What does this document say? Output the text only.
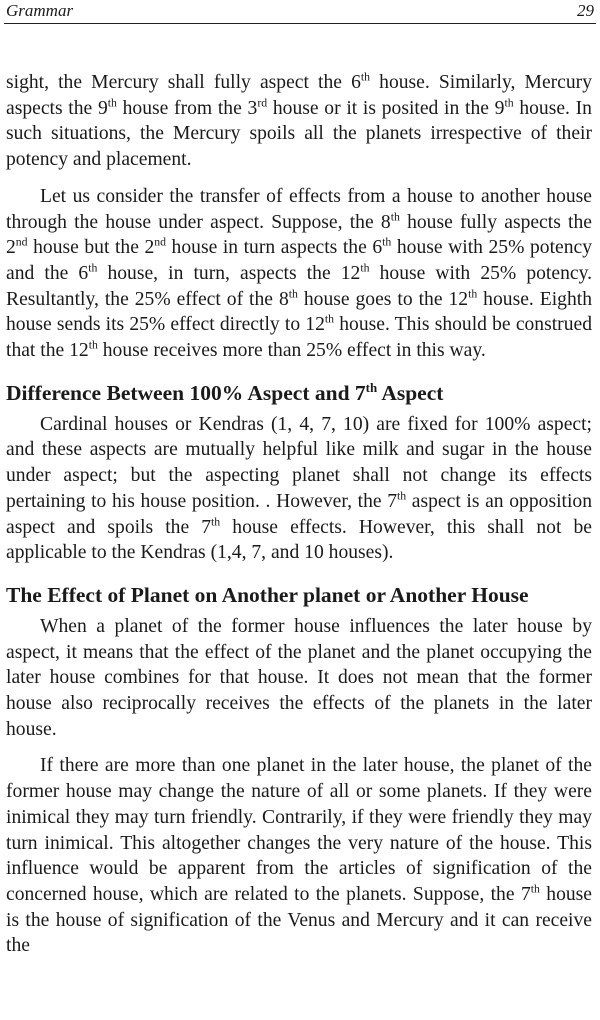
Grammar	29

sight, the Mercury shall fully aspect the 6th house. Similarly, Mercury aspects the 9th house from the 3rd house or it is posited in the 9th house. In such situations, the Mercury spoils all the planets irrespective of their potency and placement.

Let us consider the transfer of effects from a house to another house through the house under aspect. Suppose, the 8th house fully aspects the 2nd house but the 2nd house in turn aspects the 6th house with 25% potency and the 6th house, in turn, aspects the 12th house with 25% potency. Resultantly, the 25% effect of the 8th house goes to the 12th house. Eighth house sends its 25% effect directly to 12th house. This should be construed that the 12th house receives more than 25% effect in this way.

Difference Between 100% Aspect and 7th Aspect

Cardinal houses or Kendras (1, 4, 7, 10) are fixed for 100% aspect; and these aspects are mutually helpful like milk and sugar in the house under aspect; but the aspecting planet shall not change its effects pertaining to his house position. . However, the 7th aspect is an opposition aspect and spoils the 7th house effects. However, this shall not be applicable to the Kendras (1,4, 7, and 10 houses).

The Effect of Planet on Another planet or Another House

When a planet of the former house influences the later house by aspect, it means that the effect of the planet and the planet occupying the later house combines for that house. It does not mean that the former house also reciprocally receives the effects of the planets in the later house.

If there are more than one planet in the later house, the planet of the former house may change the nature of all or some planets. If they were inimical they may turn friendly. Contrarily, if they were friendly they may turn inimical. This altogether changes the very nature of the house. This influence would be apparent from the articles of signification of the concerned house, which are related to the planets. Suppose, the 7th house is the house of signification of the Venus and Mercury and it can receive the
